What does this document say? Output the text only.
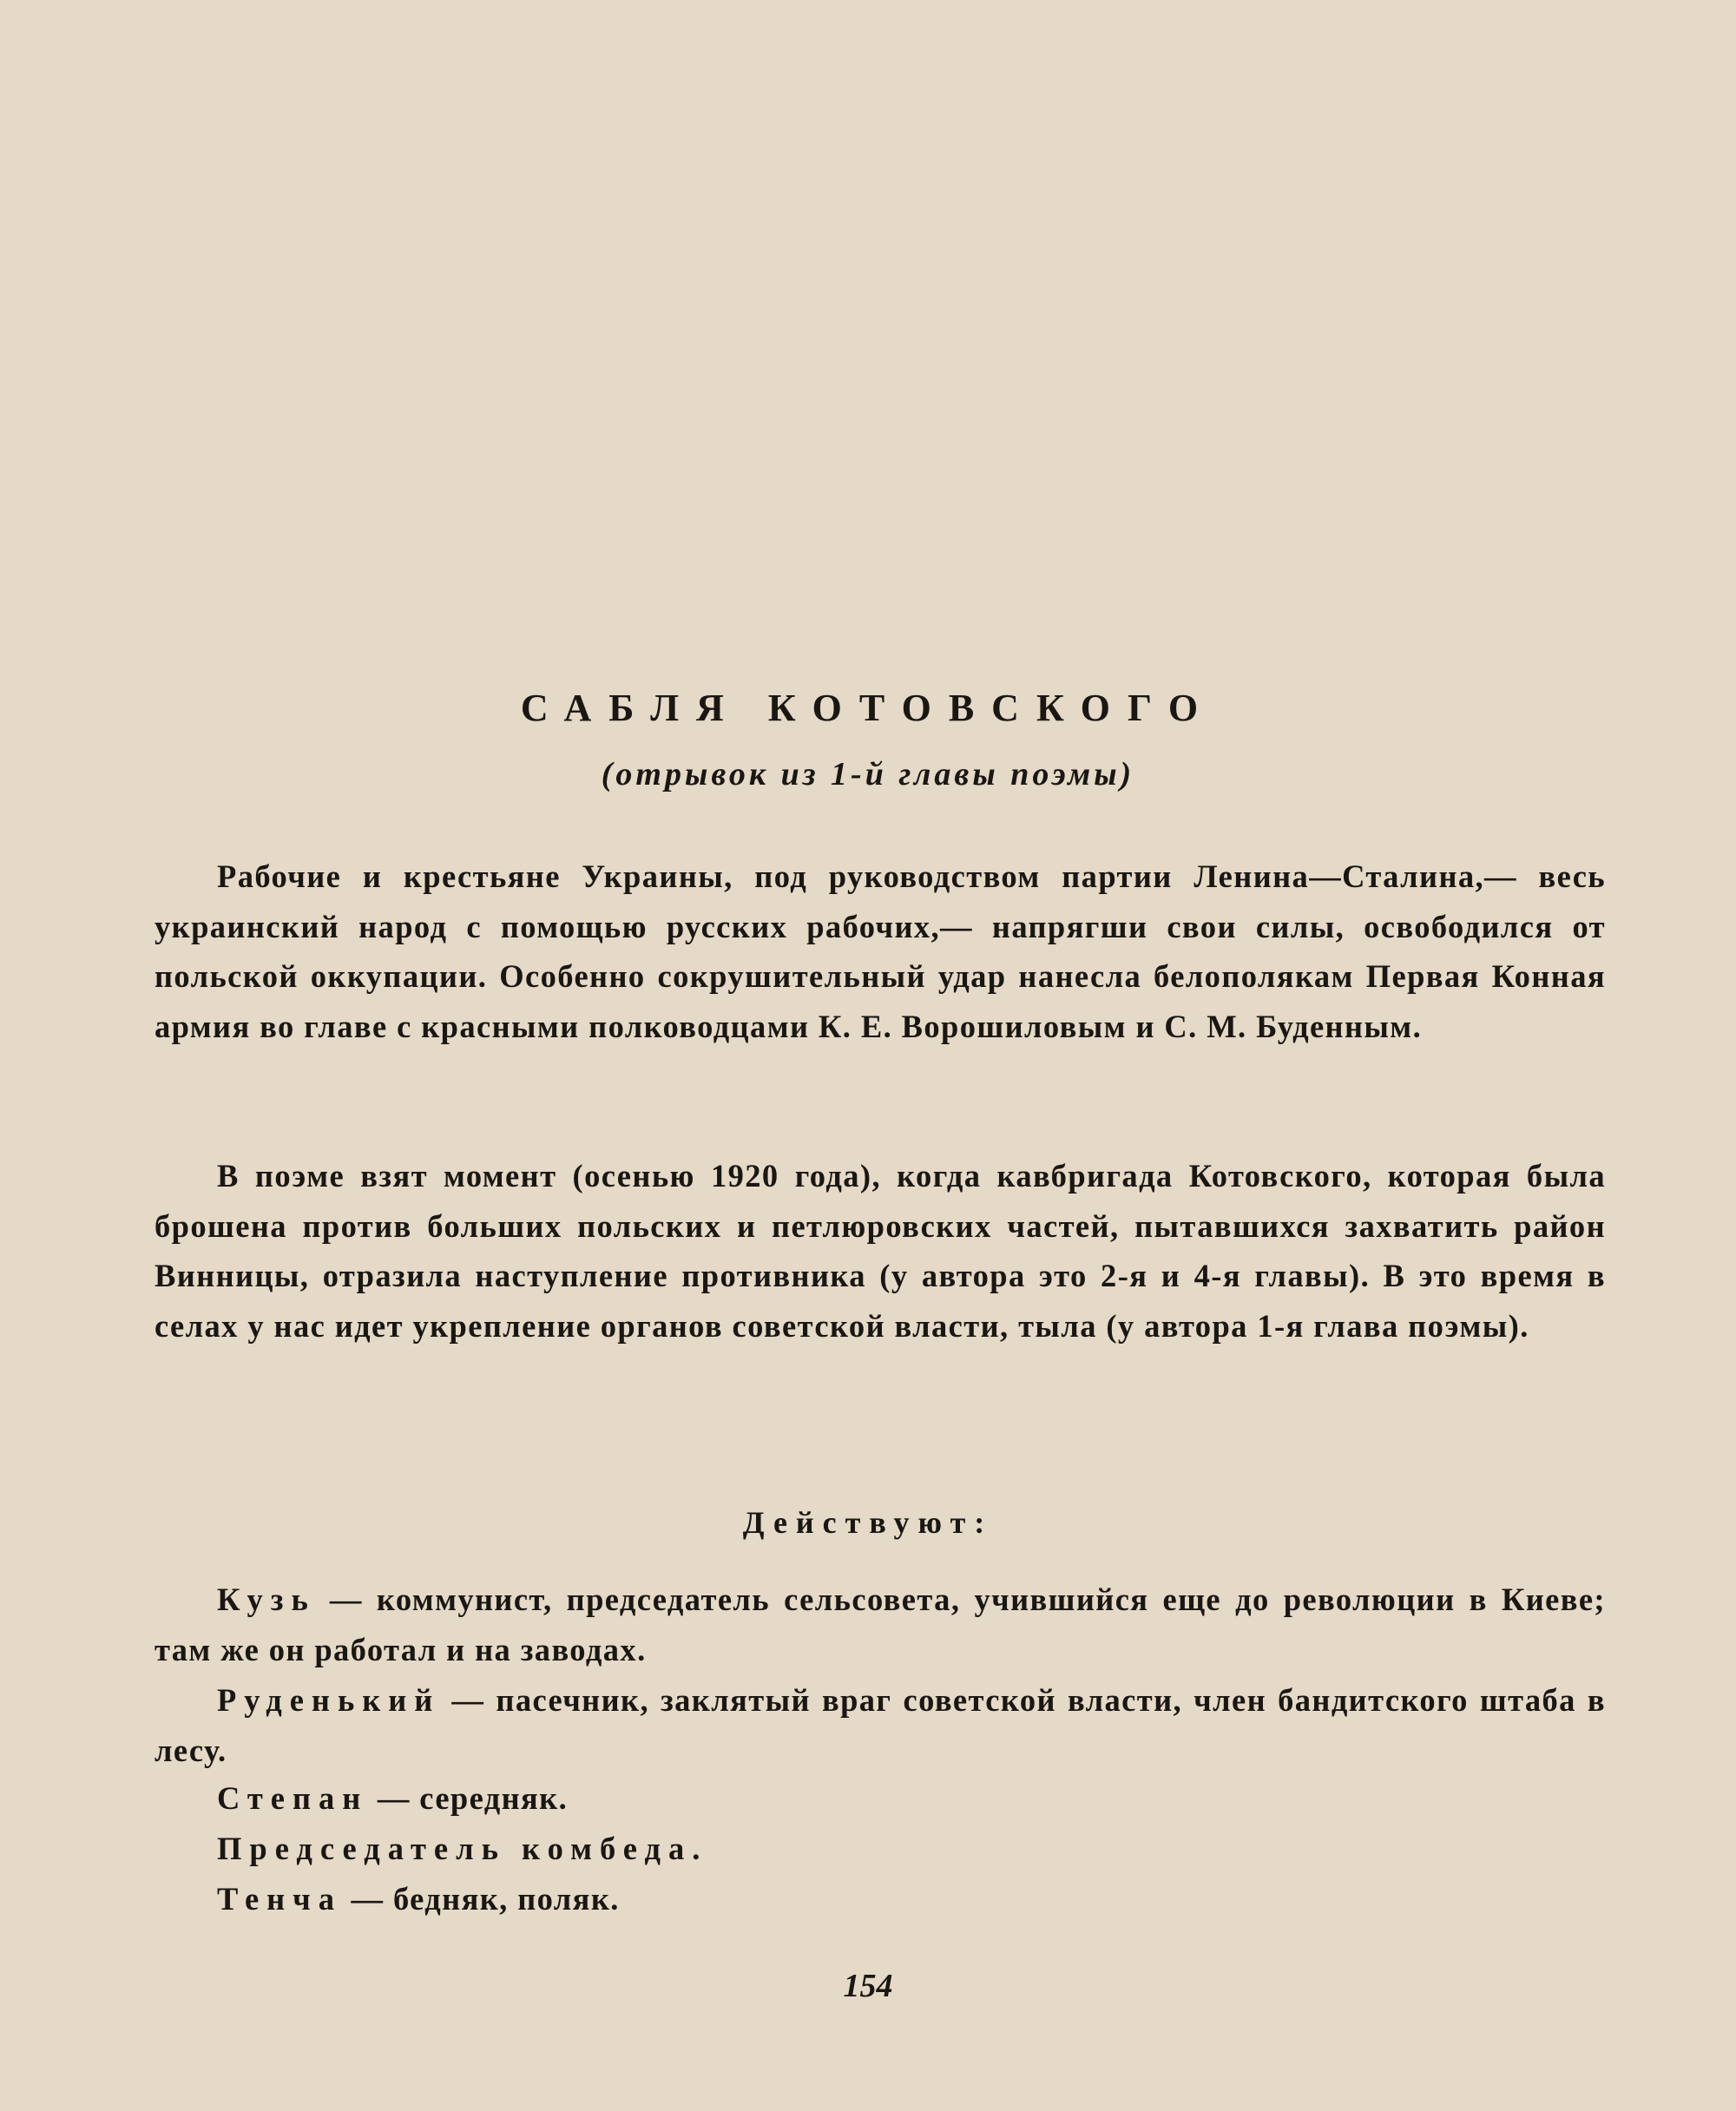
САБЛЯ КОТОВСКОГО
(отрывок из 1-й главы поэмы)

Рабочие и крестьяне Украины, под руководством партии Ленина—Сталина,— весь украинский народ с помощью русских рабочих,— напрягши свои силы, освободился от польской оккупации. Особенно сокрушительный удар нанесла белополякам Первая Конная армия во главе с красными полководцами К. Е. Ворошиловым и С. М. Буденным.

В поэме взят момент (осенью 1920 года), когда кавбригада Котовского, которая была брошена против больших польских и петлюровских частей, пытавшихся захватить район Винницы, отразила наступление противника (у автора это 2-я и 4-я главы). В это время в селах у нас идет укрепление органов советской власти, тыла (у автора 1-я глава поэмы).

Действуют:

Кузь — коммунист, председатель сельсовета, учившийся еще до революции в Киеве; там же он работал и на заводах.

Руденький — пасечник, заклятый враг советской власти, член бандитского штаба в лесу.

Степан — середняк.

Председатель комбеда.

Тенча — бедняк, поляк.

154
